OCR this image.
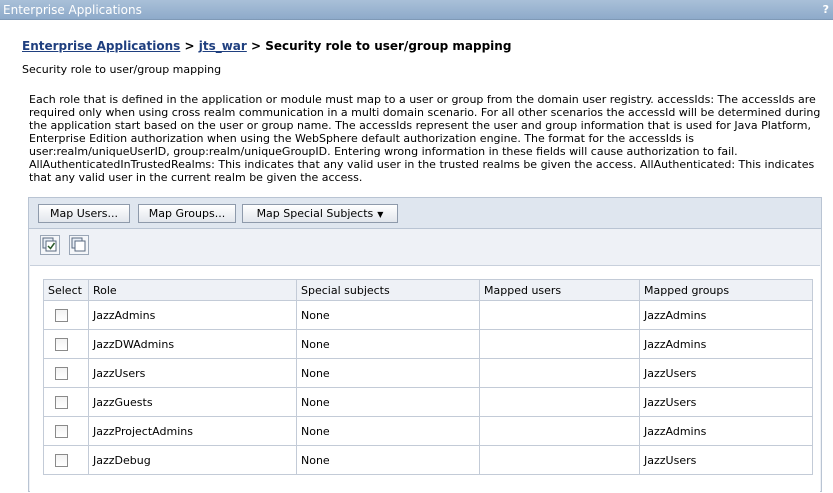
Enterprise Applications	?
Enterprise Applications > jts_war > Security role to user/group mapping
Security role to user/group mapping
Each role that is defined in the application or module must map to a user or group from the domain user registry. accessIds: The accessIds are required only when using cross realm communication in a multi domain scenario. For all other scenarios the accessId will be determined during the application start based on the user or group name. The accessIds represent the user and group information that is used for Java Platform, Enterprise Edition authorization when using the WebSphere default authorization engine. The format for the accessIds is user:realm/uniqueUserID, group:realm/uniqueGroupID. Entering wrong information in these fields will cause authorization to fail. AllAuthenticatedInTrustedRealms: This indicates that any valid user in the trusted realms be given the access. AllAuthenticated: This indicates that any valid user in the current realm be given the access.
Map Users...	Map Groups...	Map Special Subjects ▼
Select	Role	Special subjects	Mapped users	Mapped groups
	JazzAdmins	None		JazzAdmins
	JazzDWAdmins	None		JazzAdmins
	JazzUsers	None		JazzUsers
	JazzGuests	None		JazzUsers
	JazzProjectAdmins	None		JazzAdmins
	JazzDebug	None		JazzUsers
